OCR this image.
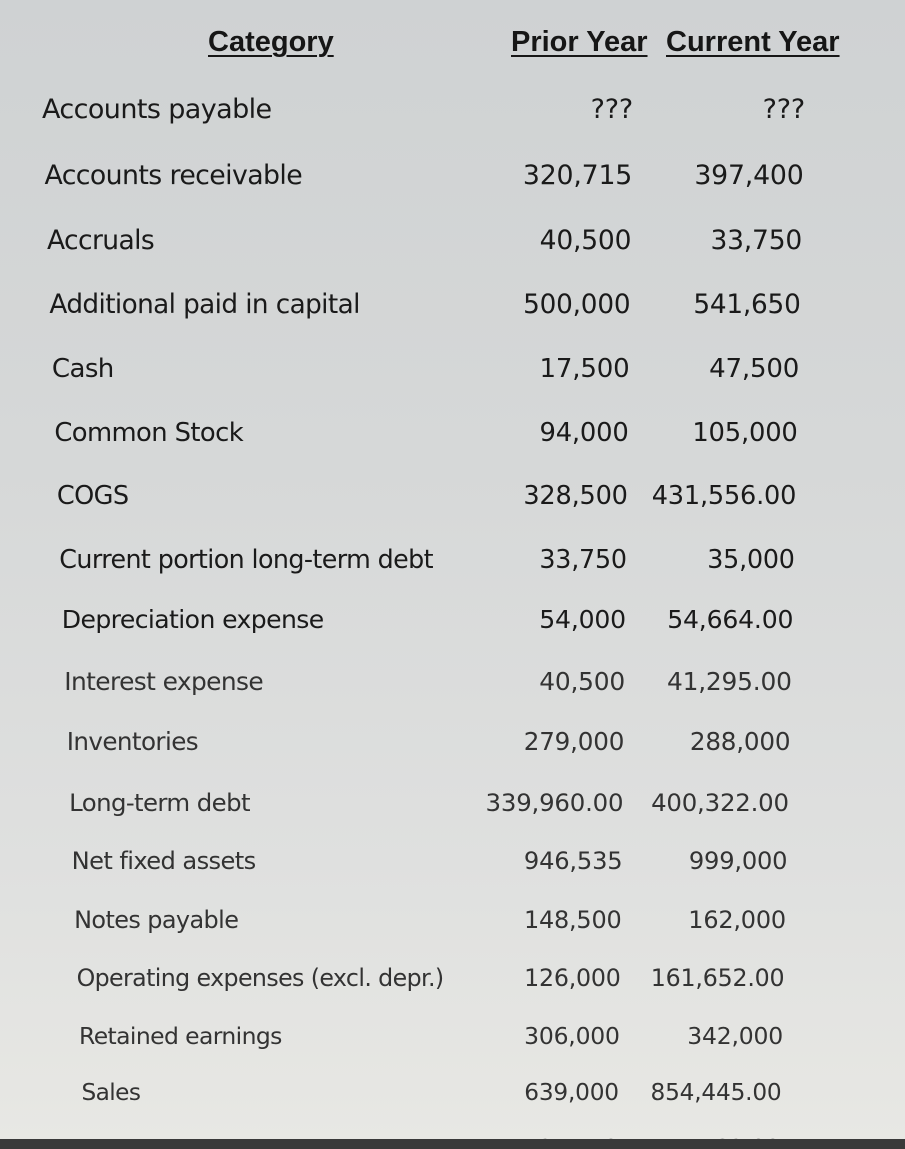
Category	Prior Year Current Year
Accounts payable	???	???
Accounts receivable	320,715 397,400
Accruals	40,500	33,750
Additional paid in capital	500,000 541,650
Cash	17,500	47,500
Common Stock	94,000 105,000
COGS	328,500 431,556.00
Current portion long-term debt	33,750	35,000
Depreciation expense	54,000 54,664.00
Interest expense	40,500 41,295.00
Inventories	279,000	288,000
Long-term debt	339,960.00 400,322.00
Net fixed assets	946,535	999,000
Notes payable	148,500	162,000
Operating expenses (excl. depr.)	126,000 161,652.00
Retained earnings	306,000	342,000
Sales	639,000 854,445.00
